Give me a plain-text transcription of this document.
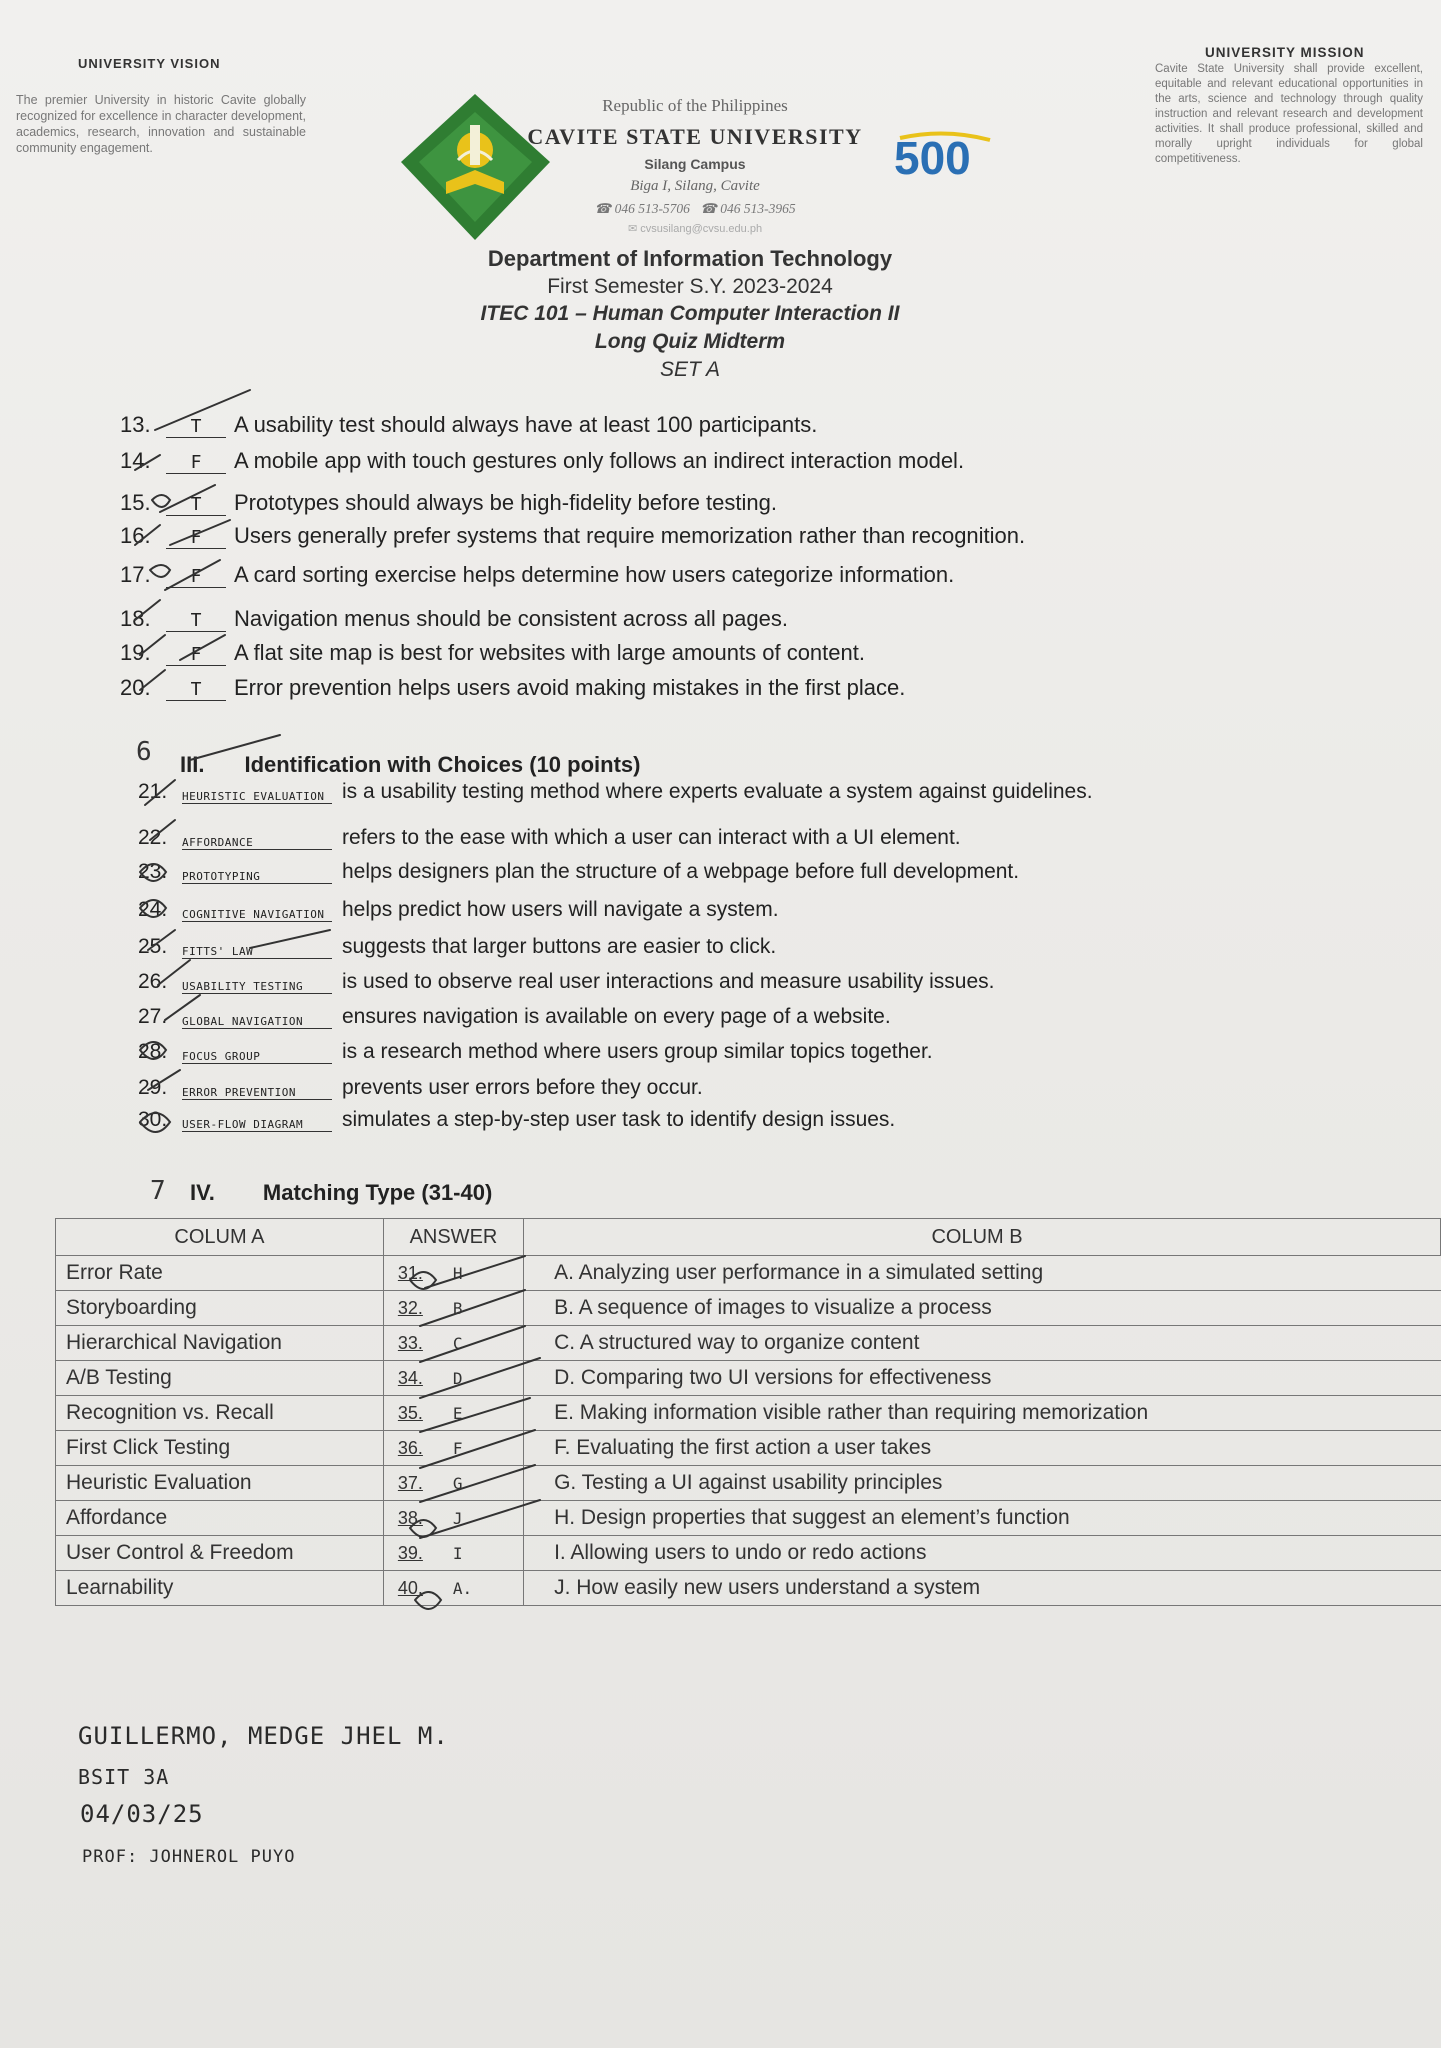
UNIVERSITY VISION
The premier University in historic Cavite globally recognized for excellence in character development, academics, research, innovation and sustainable community engagement.
UNIVERSITY MISSION
Cavite State University shall provide excellent, equitable and relevant educational opportunities in the arts, science and technology through quality instruction and relevant research and development activities. It shall produce professional, skilled and morally upright individuals for global competitiveness.
Republic of the Philippines
CAVITE STATE UNIVERSITY
Silang Campus
Biga I, Silang, Cavite
☎ 046 513-5706 ☎ 046 513-3965
✉ cvsusilang@cvsu.edu.ph
500
Department of Information Technology
First Semester S.Y. 2023-2024
ITEC 101 – Human Computer Interaction II
Long Quiz Midterm
SET A
13. T A usability test should always have at least 100 participants.
14. F A mobile app with touch gestures only follows an indirect interaction model.
15. T Prototypes should always be high-fidelity before testing.
16. F Users generally prefer systems that require memorization rather than recognition.
17. F A card sorting exercise helps determine how users categorize information.
18. T Navigation menus should be consistent across all pages.
19. F A flat site map is best for websites with large amounts of content.
20. T Error prevention helps users avoid making mistakes in the first place.
6 III. Identification with Choices (10 points)
21. HEURISTIC EVALUATION is a usability testing method where experts evaluate a system against guidelines.
22. AFFORDANCE	refers to the ease with which a user can interact with a UI element.
23. PROTOTYPING	helps designers plan the structure of a webpage before full development.
24. COGNITIVE NAVIGATION helps predict how users will navigate a system.
25. FITTS' LAW	suggests that larger buttons are easier to click.
26. USABILITY TESTING is used to observe real user interactions and measure usability issues.
27. GLOBAL NAVIGATION ensures navigation is available on every page of a website.
28. FOCUS GROUP	is a research method where users group similar topics together.
29. ERROR PREVENTION prevents user errors before they occur.
30. USER-FLOW DIAGRAM simulates a step-by-step user task to identify design issues.
7 IV. Matching Type (31-40)
COLUM A	ANSWER	COLUM B
Error Rate	31. H	A. Analyzing user performance in a simulated setting
Storyboarding	32. B	B. A sequence of images to visualize a process
Hierarchical Navigation	33. C	C. A structured way to organize content
A/B Testing	34. D	D. Comparing two UI versions for effectiveness
Recognition vs. Recall	35. E	E. Making information visible rather than requiring memorization
First Click Testing	36. F	F. Evaluating the first action a user takes
Heuristic Evaluation	37. G	G. Testing a UI against usability principles
Affordance	38. J	H. Design properties that suggest an element’s function
User Control & Freedom	39. I	I. Allowing users to undo or redo actions
Learnability	40. A.	J. How easily new users understand a system
GUILLERMO, MEDGE JHEL M.
BSIT 3A
04/03/25
PROF: JOHNEROL PUYO
